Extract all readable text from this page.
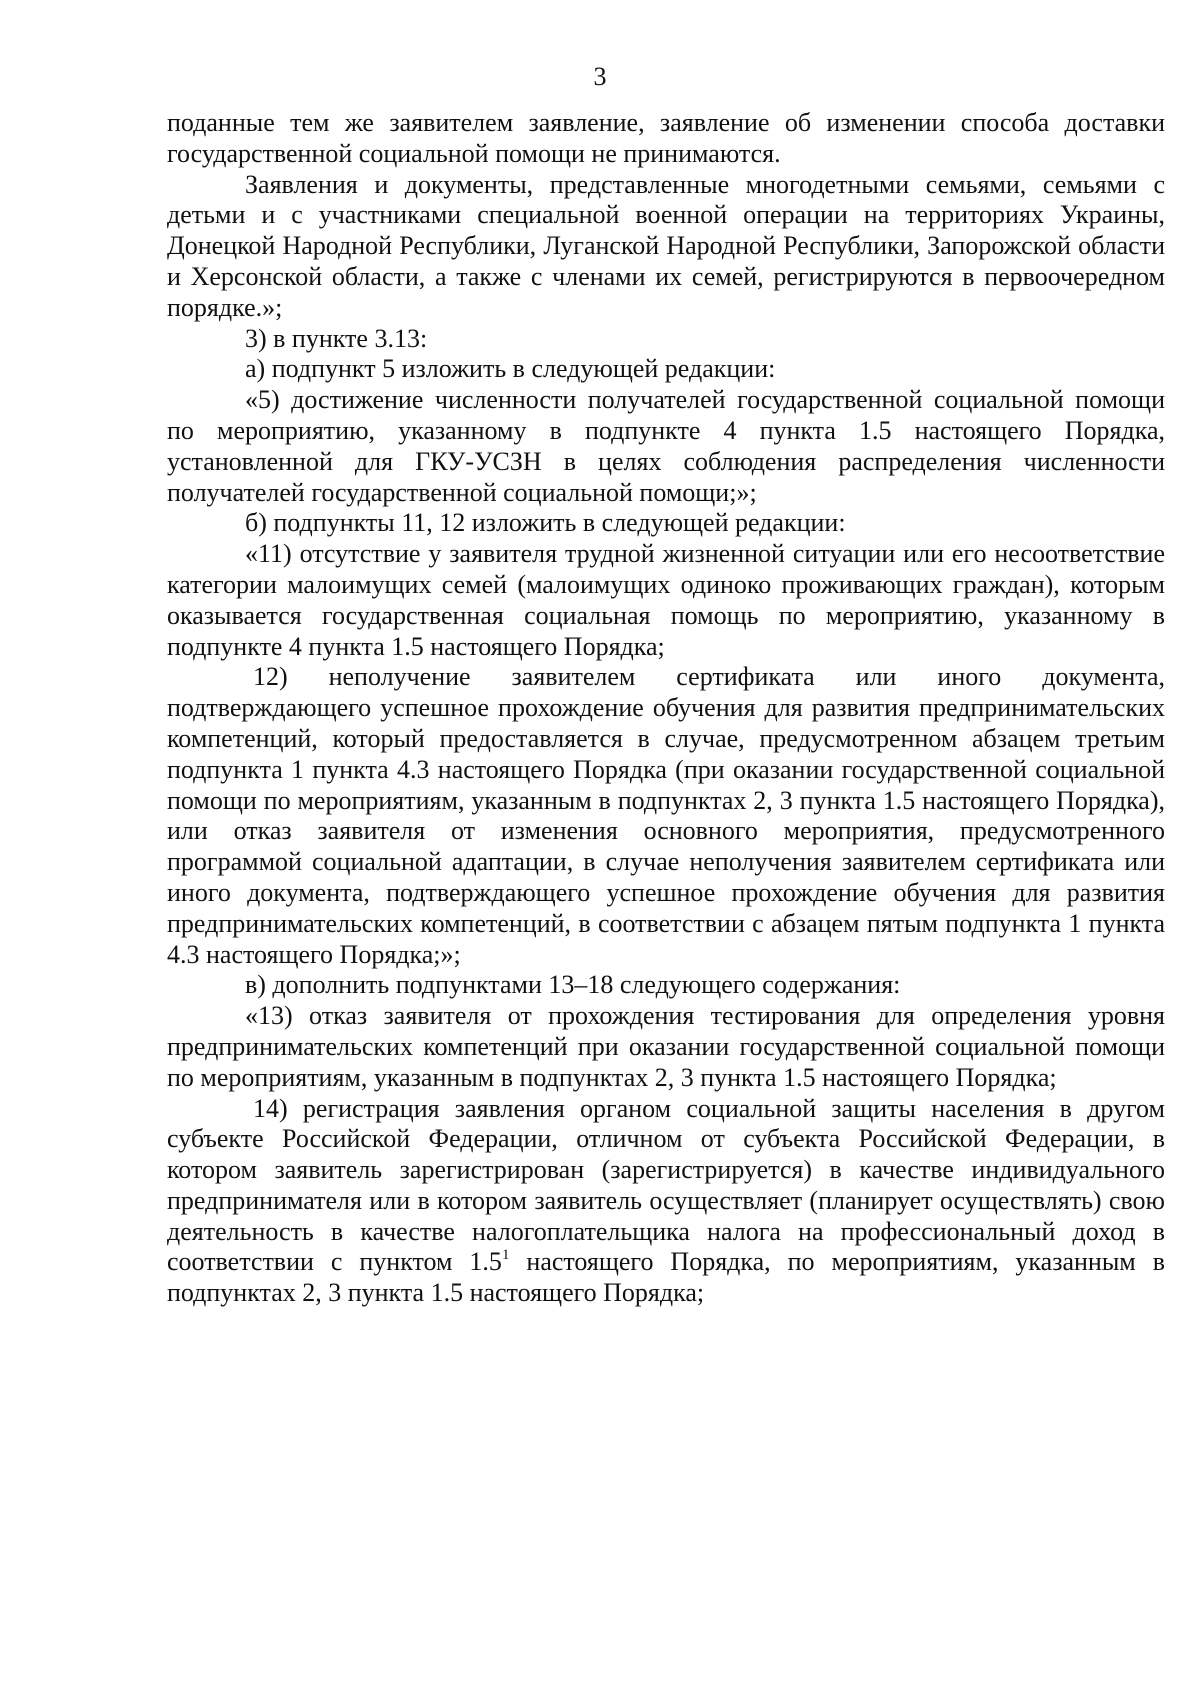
3

поданные тем же заявителем заявление, заявление об изменении способа доставки государственной социальной помощи не принимаются.

Заявления и документы, представленные многодетными семьями, семьями с детьми и с участниками специальной военной операции на территориях Украины, Донецкой Народной Республики, Луганской Народной Республики, Запорожской области и Херсонской области, а также с членами их семей, регистрируются в первоочередном порядке.»;

3) в пункте 3.13:

а) подпункт 5 изложить в следующей редакции:

«5) достижение численности получателей государственной социальной помощи по мероприятию, указанному в подпункте 4 пункта 1.5 настоящего Порядка, установленной для ГКУ-УСЗН в целях соблюдения распределения численности получателей государственной социальной помощи;»;

б) подпункты 11, 12 изложить в следующей редакции:

«11) отсутствие у заявителя трудной жизненной ситуации или его несоответствие категории малоимущих семей (малоимущих одиноко проживающих граждан), которым оказывается государственная социальная помощь по мероприятию, указанному в подпункте 4 пункта 1.5 настоящего Порядка;

12) неполучение заявителем сертификата или иного документа, подтверждающего успешное прохождение обучения для развития предпринимательских компетенций, который предоставляется в случае, предусмотренном абзацем третьим подпункта 1 пункта 4.3 настоящего Порядка (при оказании государственной социальной помощи по мероприятиям, указанным в подпунктах 2, 3 пункта 1.5 настоящего Порядка), или отказ заявителя от изменения основного мероприятия, предусмотренного программой социальной адаптации, в случае неполучения заявителем сертификата или иного документа, подтверждающего успешное прохождение обучения для развития предпринимательских компетенций, в соответствии с абзацем пятым подпункта 1 пункта 4.3 настоящего Порядка;»;

в) дополнить подпунктами 13–18 следующего содержания:

«13) отказ заявителя от прохождения тестирования для определения уровня предпринимательских компетенций при оказании государственной социальной помощи по мероприятиям, указанным в подпунктах 2, 3 пункта 1.5 настоящего Порядка;

14) регистрация заявления органом социальной защиты населения в другом субъекте Российской Федерации, отличном от субъекта Российской Федерации, в котором заявитель зарегистрирован (зарегистрируется) в качестве индивидуального предпринимателя или в котором заявитель осуществляет (планирует осуществлять) свою деятельность в качестве налогоплательщика налога на профессиональный доход в соответствии с пунктом $1.5^1$ настоящего Порядка, по мероприятиям, указанным в подпунктах 2, 3 пункта 1.5 настоящего Порядка;
